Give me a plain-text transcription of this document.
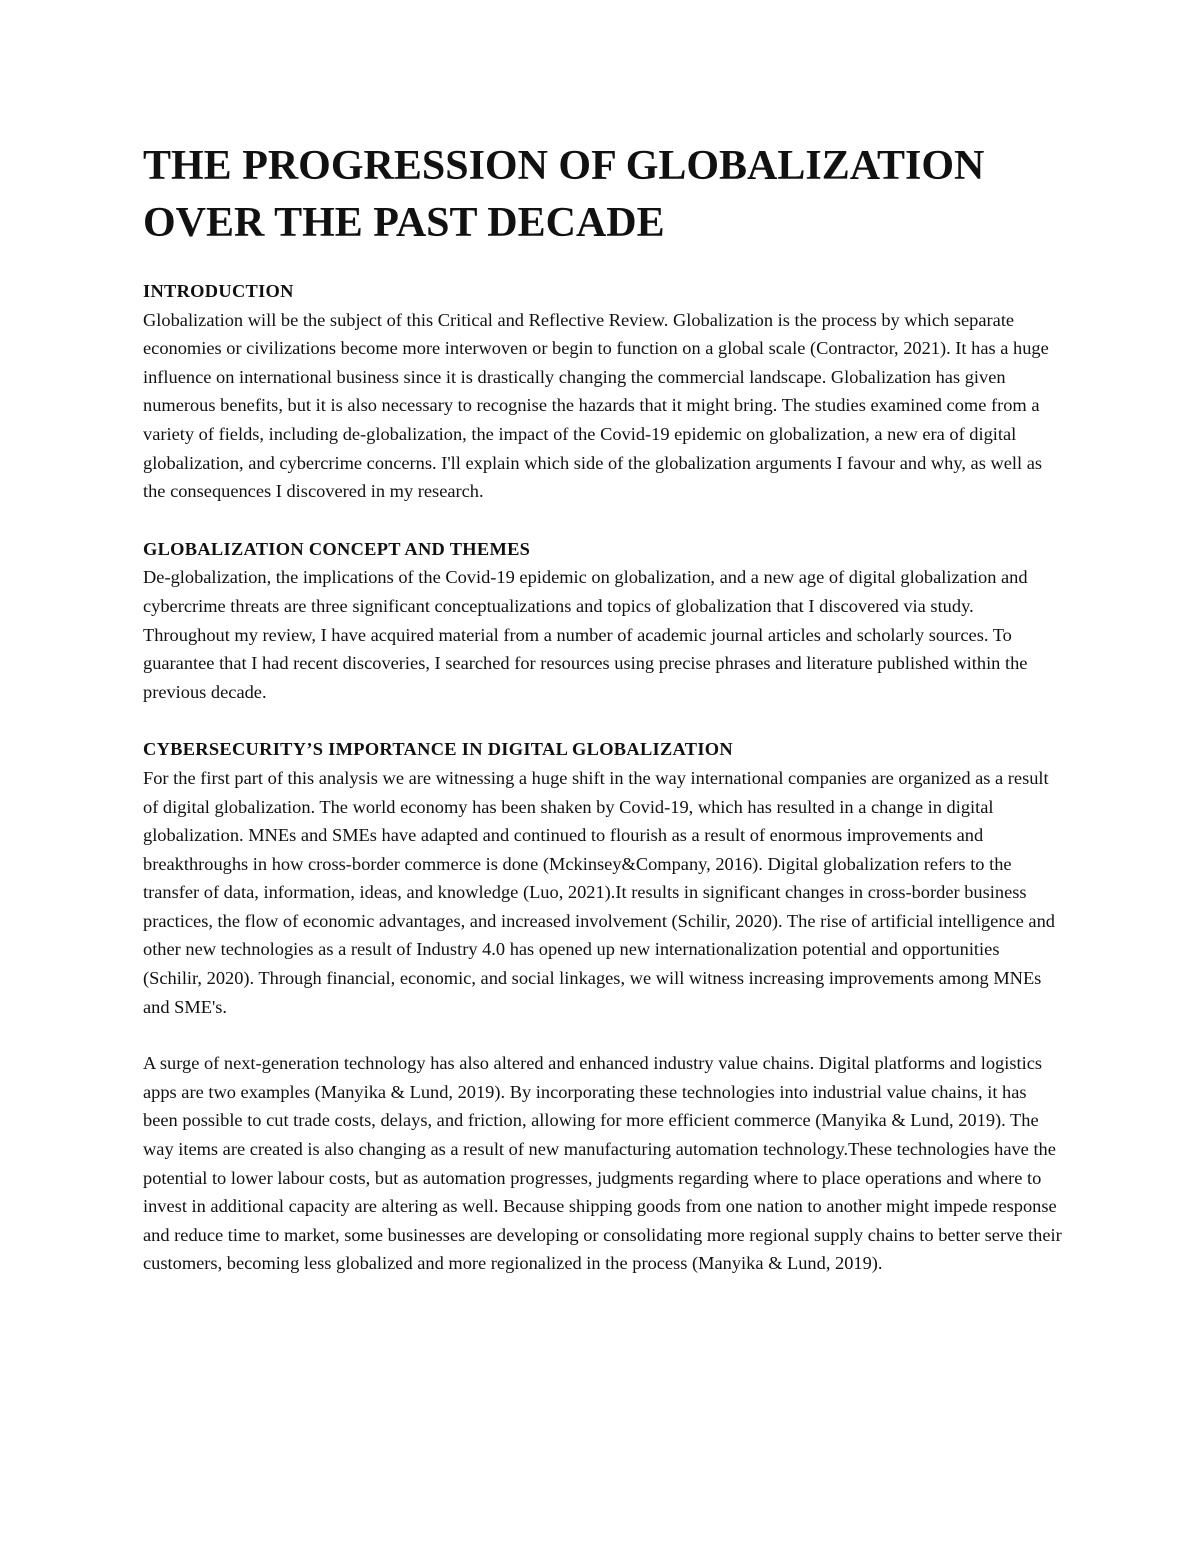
THE PROGRESSION OF GLOBALIZATION
OVER THE PAST DECADE
INTRODUCTION

Globalization will be the subject of this Critical and Reflective Review. Globalization is the process by which separate economies or civilizations become more interwoven or begin to function on a global scale (Contractor, 2021). It has a huge influence on international business since it is drastically changing the commercial landscape. Globalization has given numerous benefits, but it is also necessary to recognise the hazards that it might bring. The studies examined come from a variety of fields, including de-globalization, the impact of the Covid-19 epidemic on globalization, a new era of digital globalization, and cybercrime concerns. I'll explain which side of the globalization arguments I favour and why, as well as the consequences I discovered in my research.

GLOBALIZATION CONCEPT AND THEMES

De-globalization, the implications of the Covid-19 epidemic on globalization, and a new age of digital globalization and cybercrime threats are three significant conceptualizations and topics of globalization that I discovered via study. Throughout my review, I have acquired material from a number of academic journal articles and scholarly sources. To guarantee that I had recent discoveries, I searched for resources using precise phrases and literature published within the previous decade.

CYBERSECURITY’S IMPORTANCE IN DIGITAL GLOBALIZATION

For the first part of this analysis we are witnessing a huge shift in the way international companies are organized as a result of digital globalization. The world economy has been shaken by Covid-19, which has resulted in a change in digital globalization. MNEs and SMEs have adapted and continued to flourish as a result of enormous improvements and breakthroughs in how cross-border commerce is done (Mckinsey&Company, 2016). Digital globalization refers to the transfer of data, information, ideas, and knowledge (Luo, 2021).It results in significant changes in cross-border business practices, the flow of economic advantages, and increased involvement (Schilir, 2020). The rise of artificial intelligence and other new technologies as a result of Industry 4.0 has opened up new internationalization potential and opportunities (Schilir, 2020). Through financial, economic, and social linkages, we will witness increasing improvements among MNEs and SME's.

A surge of next-generation technology has also altered and enhanced industry value chains. Digital platforms and logistics apps are two examples (Manyika & Lund, 2019). By incorporating these technologies into industrial value chains, it has been possible to cut trade costs, delays, and friction, allowing for more efficient commerce (Manyika & Lund, 2019). The way items are created is also changing as a result of new manufacturing automation technology.These technologies have the potential to lower labour costs, but as automation progresses, judgments regarding where to place operations and where to invest in additional capacity are altering as well. Because shipping goods from one nation to another might impede response and reduce time to market, some businesses are developing or consolidating more regional supply chains to better serve their customers, becoming less globalized and more regionalized in the process (Manyika & Lund, 2019).
